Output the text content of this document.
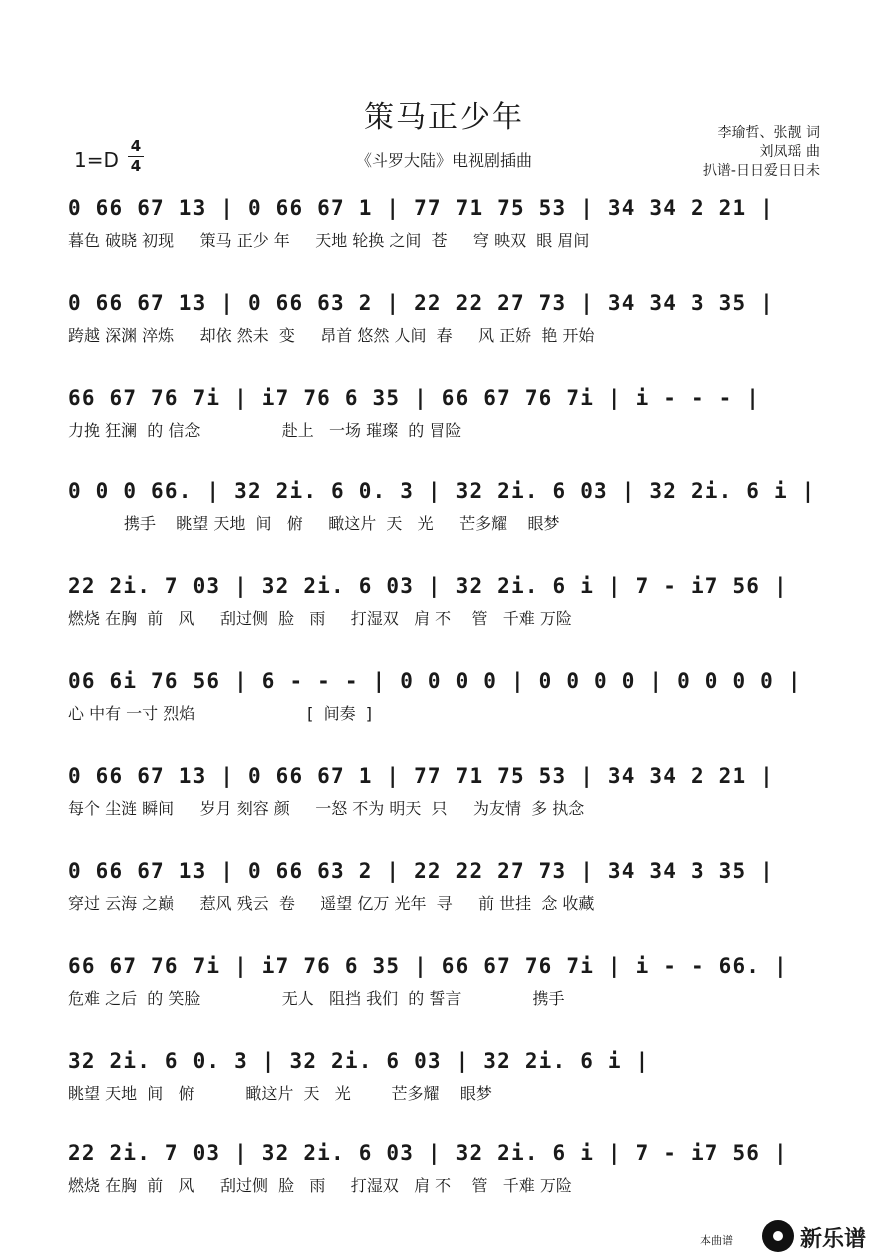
策马正少年
《斗罗大陆》电视剧插曲
1=D
4
4
李瑜哲、张靓 词
刘凤瑶 曲
扒谱-日日爱日日未
0 66 67 13 | 0 66 67 1 | 77 71 75 53 | 34 34 2 21 |
暮色 破晓 初现     策马 正少 年     天地 轮换 之间  苍     穹 映双  眼 眉间
0 66 67 13 | 0 66 63 2 | 22 22 27 73 | 34 34 3 35 |
跨越 深渊 淬炼     却依 然未  变     昂首 悠然 人间  春     风 正娇  艳 开始
66 67 76 7i | i7 76 6 35 | 66 67 76 7i | i - - - |
力挽 狂澜  的 信念                赴上   一场 璀璨  的 冒险
0 0 0 66. | 32 2i. 6 0. 3 | 32 2i. 6 03 | 32 2i. 6 i |
携手    眺望 天地  间   俯     瞰这片  天   光     芒多耀    眼梦
22 2i. 7 03 | 32 2i. 6 03 | 32 2i. 6 i | 7 - i7 56 |
燃烧 在胸  前   风     刮过侧  脸   雨     打湿双   肩 不    管   千难 万险
06 6i 76 56 | 6 - - - | 0 0 0 0 | 0 0 0 0 | 0 0 0 0 |
心 中有 一寸 烈焰                      [  间奏  ]
0 66 67 13 | 0 66 67 1 | 77 71 75 53 | 34 34 2 21 |
每个 尘涟 瞬间     岁月 刻容 颜     一怒 不为 明天  只     为友情  多 执念
0 66 67 13 | 0 66 63 2 | 22 22 27 73 | 34 34 3 35 |
穿过 云海 之巅     惹风 残云  卷     遥望 亿万 光年  寻     前 世挂  念 收藏
66 67 76 7i | i7 76 6 35 | 66 67 76 7i | i - - 66. |
危难 之后  的 笑脸                无人   阻挡 我们  的 誓言              携手
32 2i. 6 0. 3 | 32 2i. 6 03 | 32 2i. 6 i |
眺望 天地  间   俯          瞰这片  天   光        芒多耀    眼梦
22 2i. 7 03 | 32 2i. 6 03 | 32 2i. 6 i | 7 - i7 56 |
燃烧 在胸  前   风     刮过侧  脸   雨     打湿双   肩 不    管   千难 万险
本曲谱	新乐谱
